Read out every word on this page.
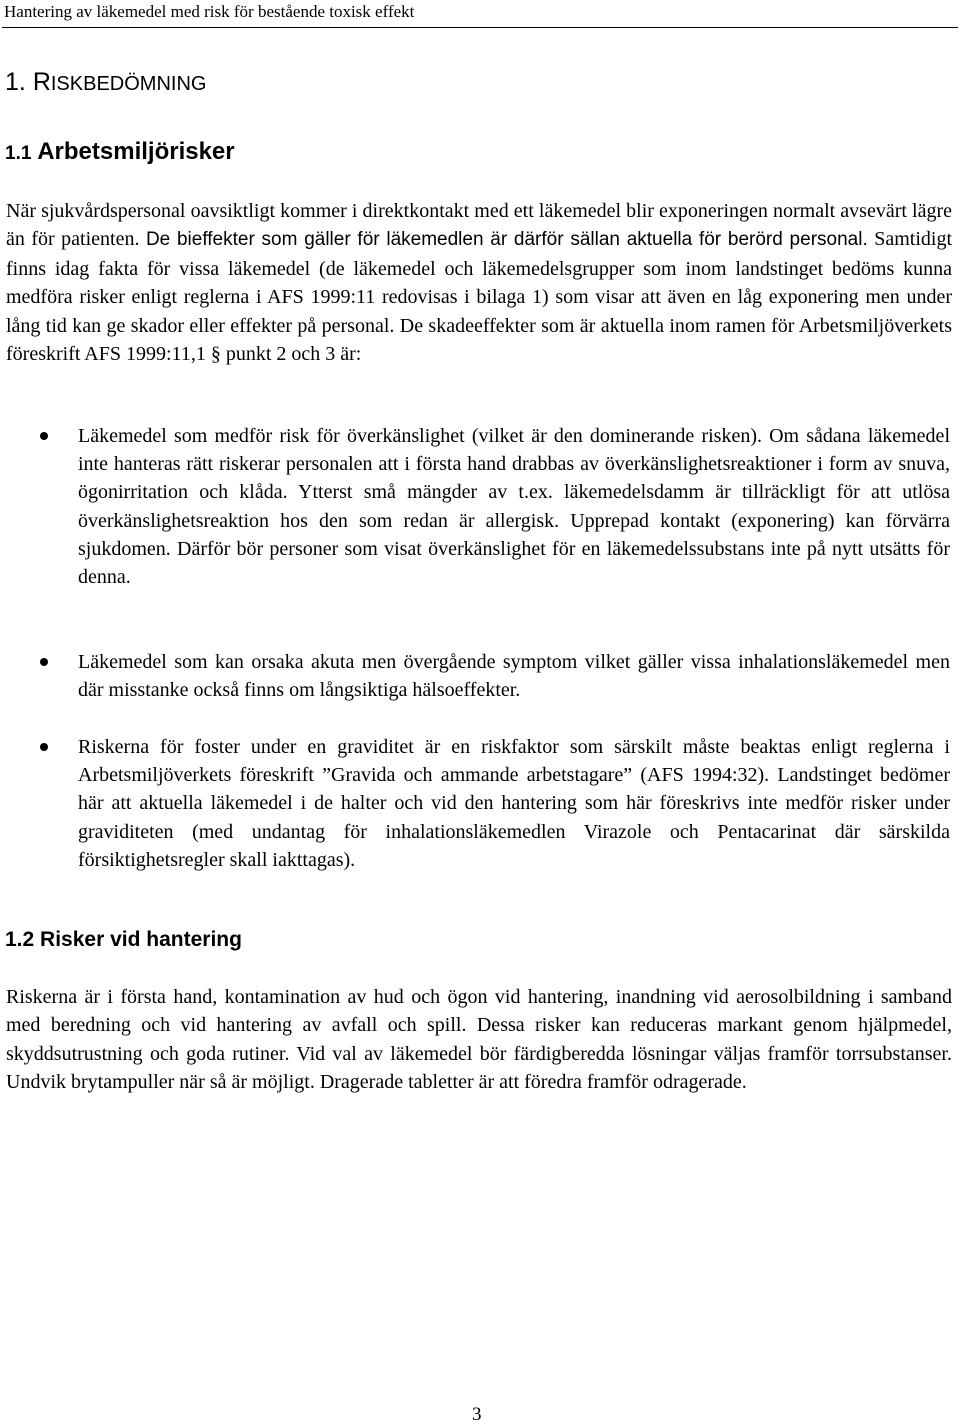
Hantering av läkemedel med risk för bestående toxisk effekt
1. RISKBEDÖMNING
1.1 Arbetsmiljörisker

När sjukvårdspersonal oavsiktligt kommer i direktkontakt med ett läkemedel blir exponeringen normalt avsevärt lägre än för patienten. De bieffekter som gäller för läkemedlen är därför sällan aktuella för berörd personal. Samtidigt finns idag fakta för vissa läkemedel (de läkemedel och läkemedelsgrupper som inom landstinget bedöms kunna medföra risker enligt reglerna i AFS 1999:11 redovisas i bilaga 1) som visar att även en låg exponering men under lång tid kan ge skador eller effekter på personal. De skadeeffekter som är aktuella inom ramen för Arbetsmiljöverkets föreskrift AFS 1999:11,1 § punkt 2 och 3 är:

Läkemedel som medför risk för överkänslighet (vilket är den dominerande risken). Om sådana läkemedel inte hanteras rätt riskerar personalen att i första hand drabbas av överkänslighetsreaktioner i form av snuva, ögonirritation och klåda. Ytterst små mängder av t.ex. läkemedelsdamm är tillräckligt för att utlösa överkänslighetsreaktion hos den som redan är allergisk. Upprepad kontakt (exponering) kan förvärra sjukdomen. Därför bör personer som visat överkänslighet för en läkemedelssubstans inte på nytt utsätts för denna.

Läkemedel som kan orsaka akuta men övergående symptom vilket gäller vissa inhalationsläkemedel men där misstanke också finns om långsiktiga hälsoeffekter.

Riskerna för foster under en graviditet är en riskfaktor som särskilt måste beaktas enligt reglerna i Arbetsmiljöverkets föreskrift ”Gravida och ammande arbetstagare” (AFS 1994:32). Landstinget bedömer här att aktuella läkemedel i de halter och vid den hantering som här föreskrivs inte medför risker under graviditeten (med undantag för inhalationsläkemedlen Virazole och Pentacarinat där särskilda försiktighetsregler skall iakttagas).

1.2 Risker vid hantering

Riskerna är i första hand, kontamination av hud och ögon vid hantering, inandning vid aerosolbildning i samband med beredning och vid hantering av avfall och spill. Dessa risker kan reduceras markant genom hjälpmedel, skyddsutrustning och goda rutiner. Vid val av läkemedel bör färdigberedda lösningar väljas framför torrsubstanser. Undvik brytampuller när så är möjligt. Dragerade tabletter är att föredra framför odragerade.

3
